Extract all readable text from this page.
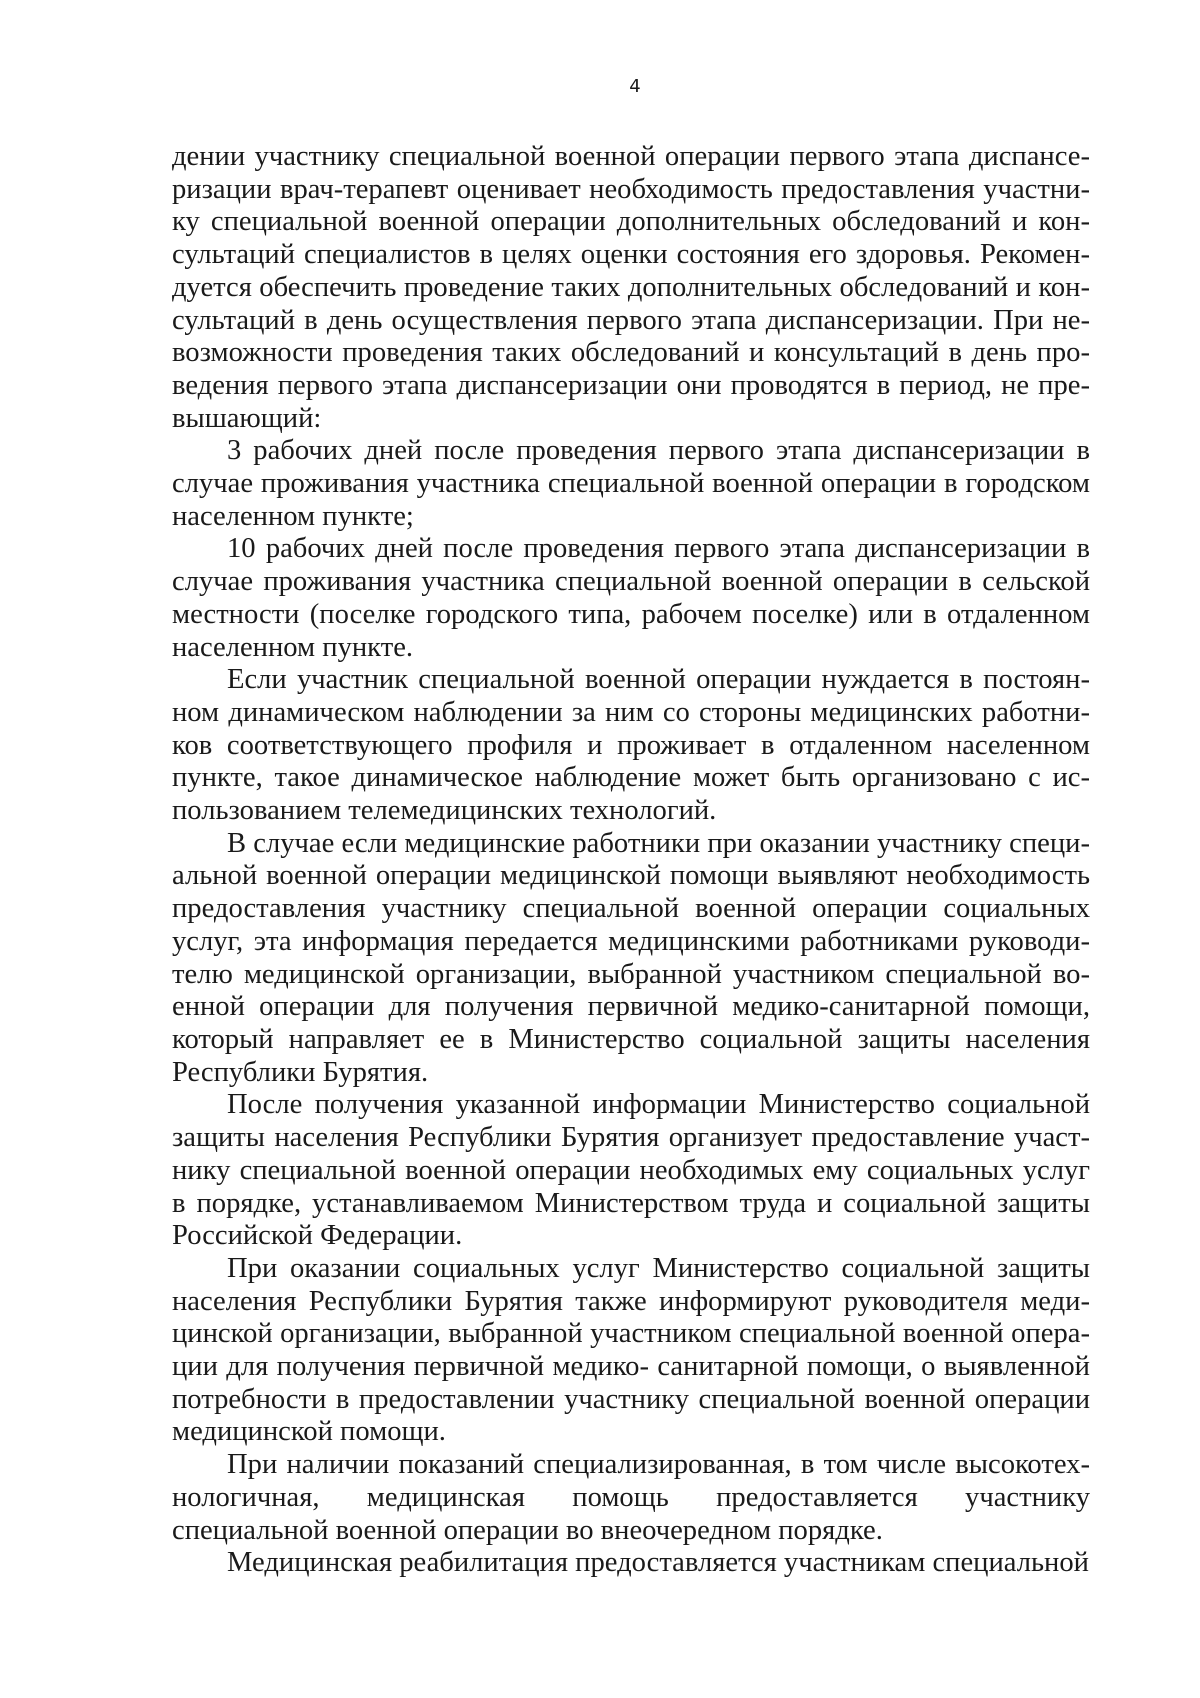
4

дении участнику специальной военной операции первого этапа диспансеризации врач-терапевт оценивает необходимость предоставления участнику специальной военной операции дополнительных обследований и консультаций специалистов в целях оценки состояния его здоровья. Рекомендуется обеспечить проведение таких дополнительных обследований и консультаций в день осуществления первого этапа диспансеризации. При невозможности проведения таких обследований и консультаций в день проведения первого этапа диспансеризации они проводятся в период, не превышающий:

3 рабочих дней после проведения первого этапа диспансеризации в случае проживания участника специальной военной операции в городском населенном пункте;

10 рабочих дней после проведения первого этапа диспансеризации в случае проживания участника специальной военной операции в сельской местности (поселке городского типа, рабочем поселке) или в отдаленном населенном пункте.

Если участник специальной военной операции нуждается в постоянном динамическом наблюдении за ним со стороны медицинских работников соответствующего профиля и проживает в отдаленном населенном пункте, такое динамическое наблюдение может быть организовано с использованием телемедицинских технологий.

В случае если медицинские работники при оказании участнику специальной военной операции медицинской помощи выявляют необходимость предоставления участнику специальной военной операции социальных услуг, эта информация передается медицинскими работниками руководителю медицинской организации, выбранной участником специальной военной операции для получения первичной медико-санитарной помощи, который направляет ее в Министерство социальной защиты населения Республики Бурятия.

После получения указанной информации Министерство социальной защиты населения Республики Бурятия организует предоставление участнику специальной военной операции необходимых ему социальных услуг в порядке, устанавливаемом Министерством труда и социальной защиты Российской Федерации.

При оказании социальных услуг Министерство социальной защиты населения Республики Бурятия также информируют руководителя медицинской организации, выбранной участником специальной военной операции для получения первичной медико- санитарной помощи, о выявленной потребности в предоставлении участнику специальной военной операции медицинской помощи.

При наличии показаний специализированная, в том числе высокотехнологичная, медицинская помощь предоставляется участнику специальной военной операции во внеочередном порядке.

Медицинская реабилитация предоставляется участникам специальной
